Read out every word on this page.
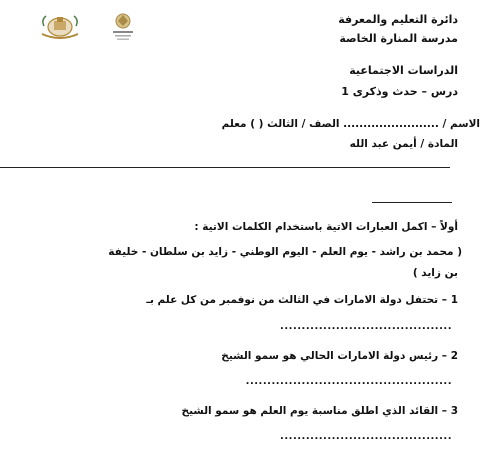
دائرة التعليم والمعرفة
مدرسة المنارة الخاصة
الدراسات الاجتماعية
درس – حدث وذكرى 1
الاسم / ........................ الصف / الثالث ( ) معلم
المادة / أيمن عبد الله
أولاً – اكمل العبارات الاتية باستخدام الكلمات الاتية :
( محمد بن راشد - يوم العلم - اليوم الوطني - زايد بن سلطان - خليفة
بن زايد )
1 – تحتفل دولة الامارات في الثالث من نوفمبر من كل علم بـ
........................................
2 – رئيس دولة الامارات الحالي هو سمو الشيخ
................................................
3 – القائد الذي اطلق مناسبة يوم العلم هو سمو الشيخ
........................................
